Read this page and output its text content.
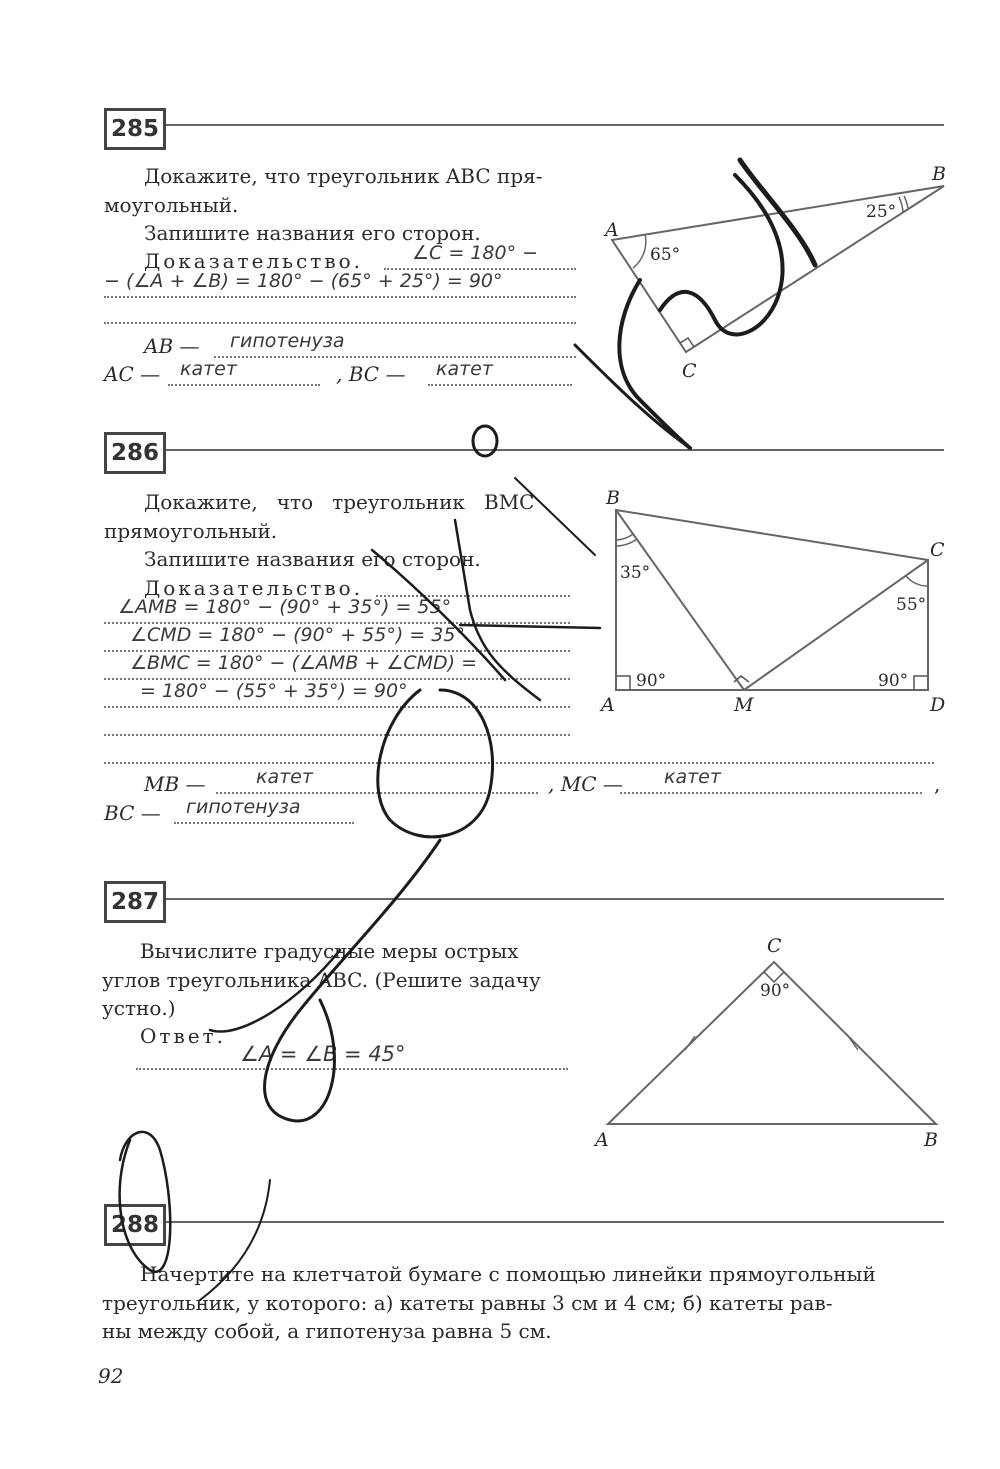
285
Докажите, что треугольник ABC пря-
моугольный.
Запишите названия его сторон.
Доказательство.	∠C = 180° −
− (∠A + ∠B) = 180° − (65° + 25°) = 90°
AB — гипотенуза
AC — катет	, BC — катет
A
B
C
65°
25°
286
Докажите,   что   треугольник   BMC
прямоугольный.
Запишите названия его сторон.
Доказательство.
∠AMB = 180° − (90° + 35°) = 55°
∠CMD = 180° − (90° + 55°) = 35°
∠BMC = 180° − (∠AMB + ∠CMD) =
= 180° − (55° + 35°) = 90°
MB —	катет	, MC — катет	,
BC — гипотенуза
B
C
A	D
M
35°
55°
90°	90°
287
Вычислите градусные меры острых
углов треугольника ABC. (Решите задачу
устно.)
Ответ.
∠A = ∠B = 45°
C
A	B
90°
288
Начертите на клетчатой бумаге с помощью линейки прямоугольный
треугольник, у которого: а) катеты равны 3 см и 4 см; б) катеты рав-
ны между собой, а гипотенуза равна 5 см.
92
